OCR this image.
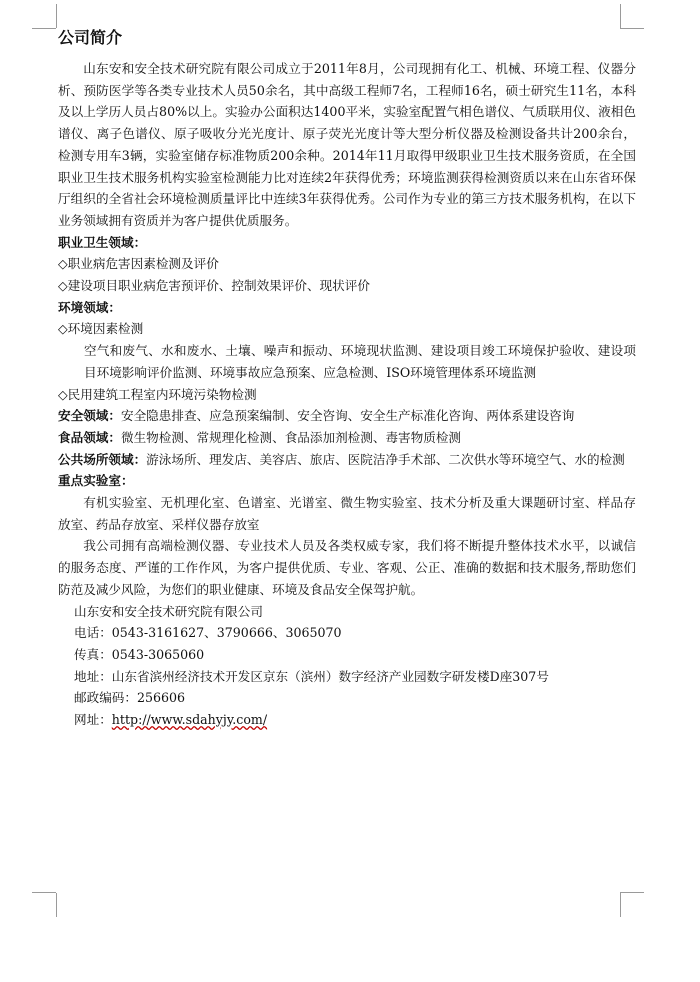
公司简介

山东安和安全技术研究院有限公司成立于2011年8月，公司现拥有化工、机械、环境工程、仪器分析、预防医学等各类专业技术人员50余名，其中高级工程师7名，工程师16名，硕士研究生11名，本科及以上学历人员占80%以上。实验办公面积达1400平米，实验室配置气相色谱仪、气质联用仪、液相色谱仪、离子色谱仪、原子吸收分光光度计、原子荧光光度计等大型分析仪器及检测设备共计200余台，检测专用车3辆，实验室储存标准物质200余种。2014年11月取得甲级职业卫生技术服务资质，在全国职业卫生技术服务机构实验室检测能力比对连续2年获得优秀；环境监测获得检测资质以来在山东省环保厅组织的全省社会环境检测质量评比中连续3年获得优秀。公司作为专业的第三方技术服务机构，在以下业务领域拥有资质并为客户提供优质服务。

职业卫生领域：

◇职业病危害因素检测及评价

◇建设项目职业病危害预评价、控制效果评价、现状评价

环境领域：

◇环境因素检测

空气和废气、水和废水、土壤、噪声和振动、环境现状监测、建设项目竣工环境保护验收、建设项目环境影响评价监测、环境事故应急预案、应急检测、ISO环境管理体系环境监测

◇民用建筑工程室内环境污染物检测

安全领域：安全隐患排查、应急预案编制、安全咨询、安全生产标准化咨询、两体系建设咨询

食品领域：微生物检测、常规理化检测、食品添加剂检测、毒害物质检测

公共场所领域：游泳场所、理发店、美容店、旅店、医院洁净手术部、二次供水等环境空气、水的检测

重点实验室：

有机实验室、无机理化室、色谱室、光谱室、微生物实验室、技术分析及重大课题研讨室、样品存放室、药品存放室、采样仪器存放室

我公司拥有高端检测仪器、专业技术人员及各类权威专家，我们将不断提升整体技术水平，以诚信的服务态度、严谨的工作作风，为客户提供优质、专业、客观、公正、准确的数据和技术服务,帮助您们防范及减少风险，为您们的职业健康、环境及食品安全保驾护航。

山东安和安全技术研究院有限公司

电话：0543-3161627、3790666、3065070

传真：0543-3065060

地址：山东省滨州经济技术开发区京东（滨州）数字经济产业园数字研发楼D座307号

邮政编码：256606

网址：http://www.sdahyjy.com/
